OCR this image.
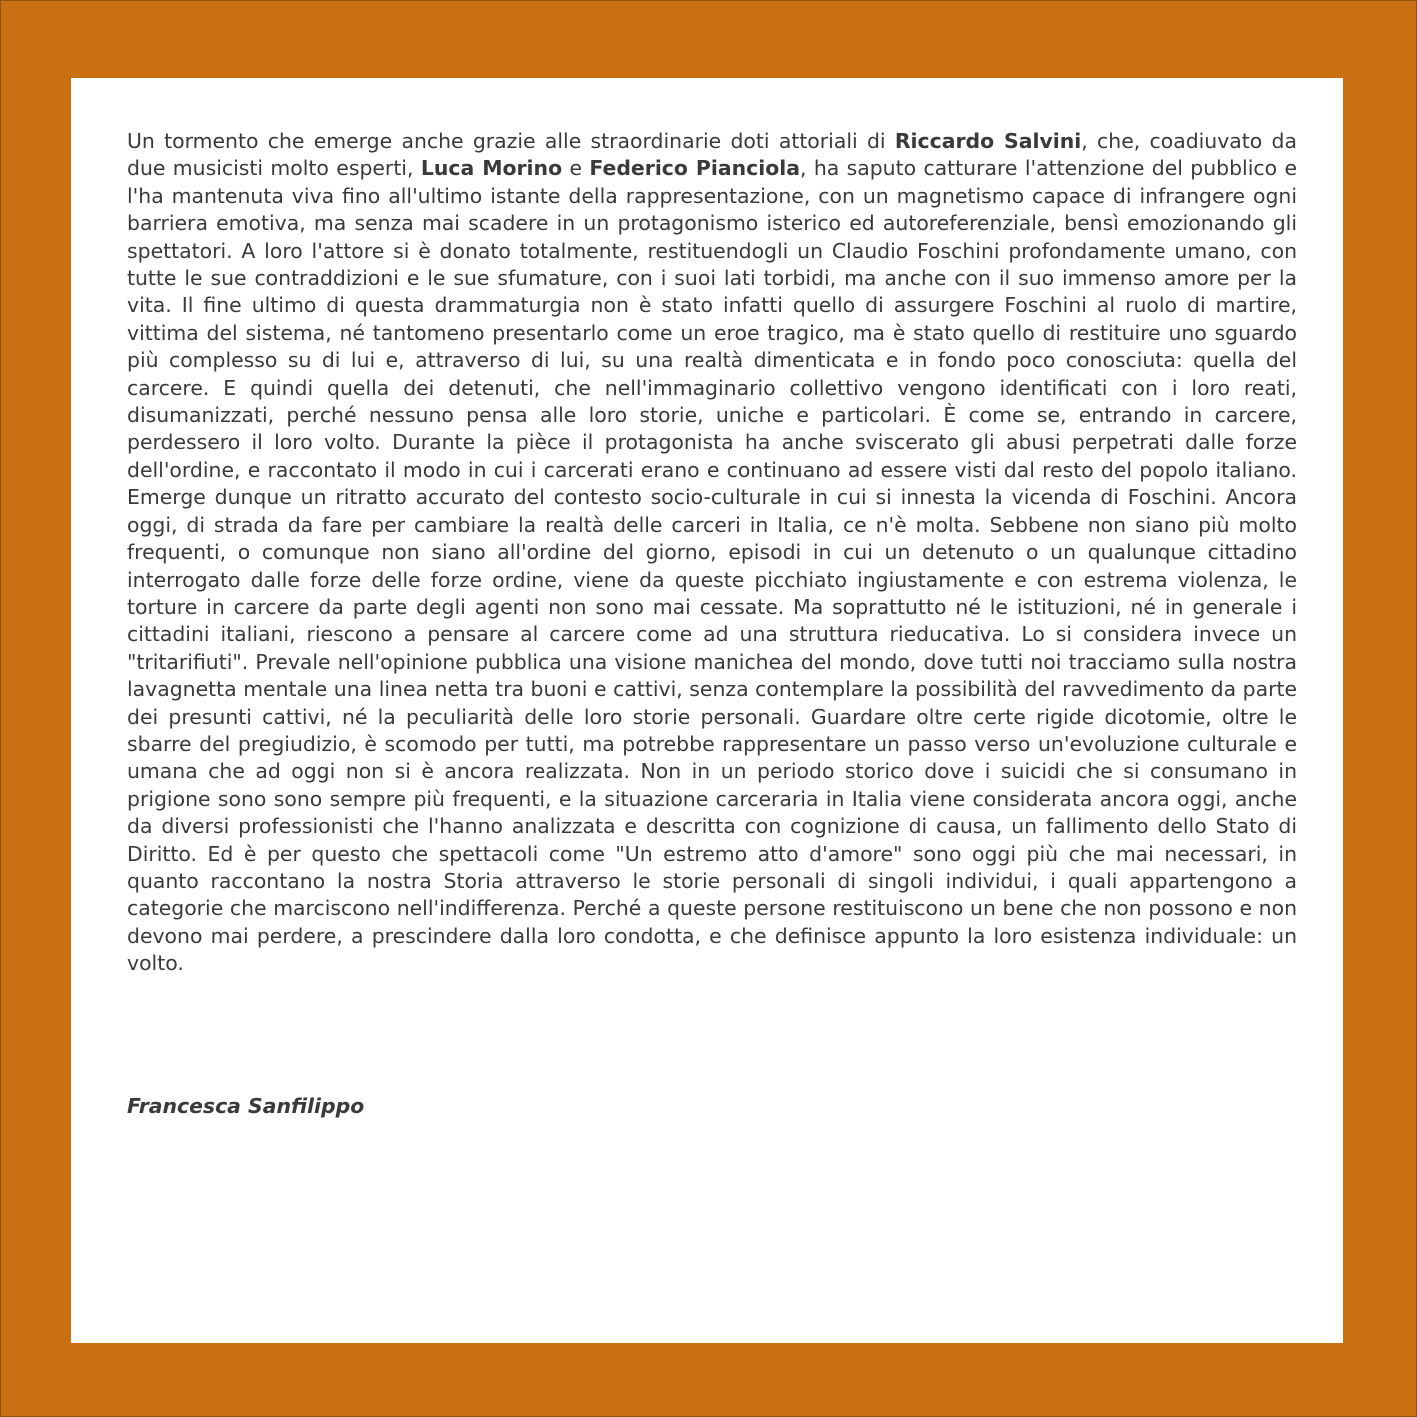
Un tormento che emerge anche grazie alle straordinarie doti attoriali di Riccardo Salvini, che, coadiuvato da due musicisti molto esperti, Luca Morino e Federico Pianciola, ha saputo catturare l'attenzione del pubblico e l'ha mantenuta viva fino all'ultimo istante della rappresentazione, con un magnetismo capace di infrangere ogni barriera emotiva, ma senza mai scadere in un protagonismo isterico ed autoreferenziale, bensì emozionando gli spettatori. A loro l'attore si è donato totalmente, restituendogli un Claudio Foschini profondamente umano, con tutte le sue contraddizioni e le sue sfumature, con i suoi lati torbidi, ma anche con il suo immenso amore per la vita. Il fine ultimo di questa drammaturgia non è stato infatti quello di assurgere Foschini al ruolo di martire, vittima del sistema, né tantomeno presentarlo come un eroe tragico, ma è stato quello di restituire uno sguardo più complesso su di lui e, attraverso di lui, su una realtà dimenticata e in fondo poco conosciuta: quella del carcere. E quindi quella dei detenuti, che nell'immaginario collettivo vengono identificati con i loro reati, disumanizzati, perché nessuno pensa alle loro storie, uniche e particolari. È come se, entrando in carcere, perdessero il loro volto. Durante la pièce il protagonista ha anche sviscerato gli abusi perpetrati dalle forze dell'ordine, e raccontato il modo in cui i carcerati erano e continuano ad essere visti dal resto del popolo italiano. Emerge dunque un ritratto accurato del contesto socio-culturale in cui si innesta la vicenda di Foschini. Ancora oggi, di strada da fare per cambiare la realtà delle carceri in Italia, ce n'è molta. Sebbene non siano più molto frequenti, o comunque non siano all'ordine del giorno, episodi in cui un detenuto o un qualunque cittadino interrogato dalle forze delle forze ordine, viene da queste picchiato ingiustamente e con estrema violenza, le torture in carcere da parte degli agenti non sono mai cessate. Ma soprattutto né le istituzioni, né in generale i cittadini italiani, riescono a pensare al carcere come ad una struttura rieducativa. Lo si considera invece un "tritarifiuti". Prevale nell'opinione pubblica una visione manichea del mondo, dove tutti noi tracciamo sulla nostra lavagnetta mentale una linea netta tra buoni e cattivi, senza contemplare la possibilità del ravvedimento da parte dei presunti cattivi, né la peculiarità delle loro storie personali. Guardare oltre certe rigide dicotomie, oltre le sbarre del pregiudizio, è scomodo per tutti, ma potrebbe rappresentare un passo verso un'evoluzione culturale e umana che ad oggi non si è ancora realizzata. Non in un periodo storico dove i suicidi che si consumano in prigione sono sono sempre più frequenti, e la situazione carceraria in Italia viene considerata ancora oggi, anche da diversi professionisti che l'hanno analizzata e descritta con cognizione di causa, un fallimento dello Stato di Diritto. Ed è per questo che spettacoli come "Un estremo atto d'amore" sono oggi più che mai necessari, in quanto raccontano la nostra Storia attraverso le storie personali di singoli individui, i quali appartengono a categorie che marciscono nell'indifferenza. Perché a queste persone restituiscono un bene che non possono e non devono mai perdere, a prescindere dalla loro condotta, e che definisce appunto la loro esistenza individuale: un volto.

Francesca Sanfilippo
